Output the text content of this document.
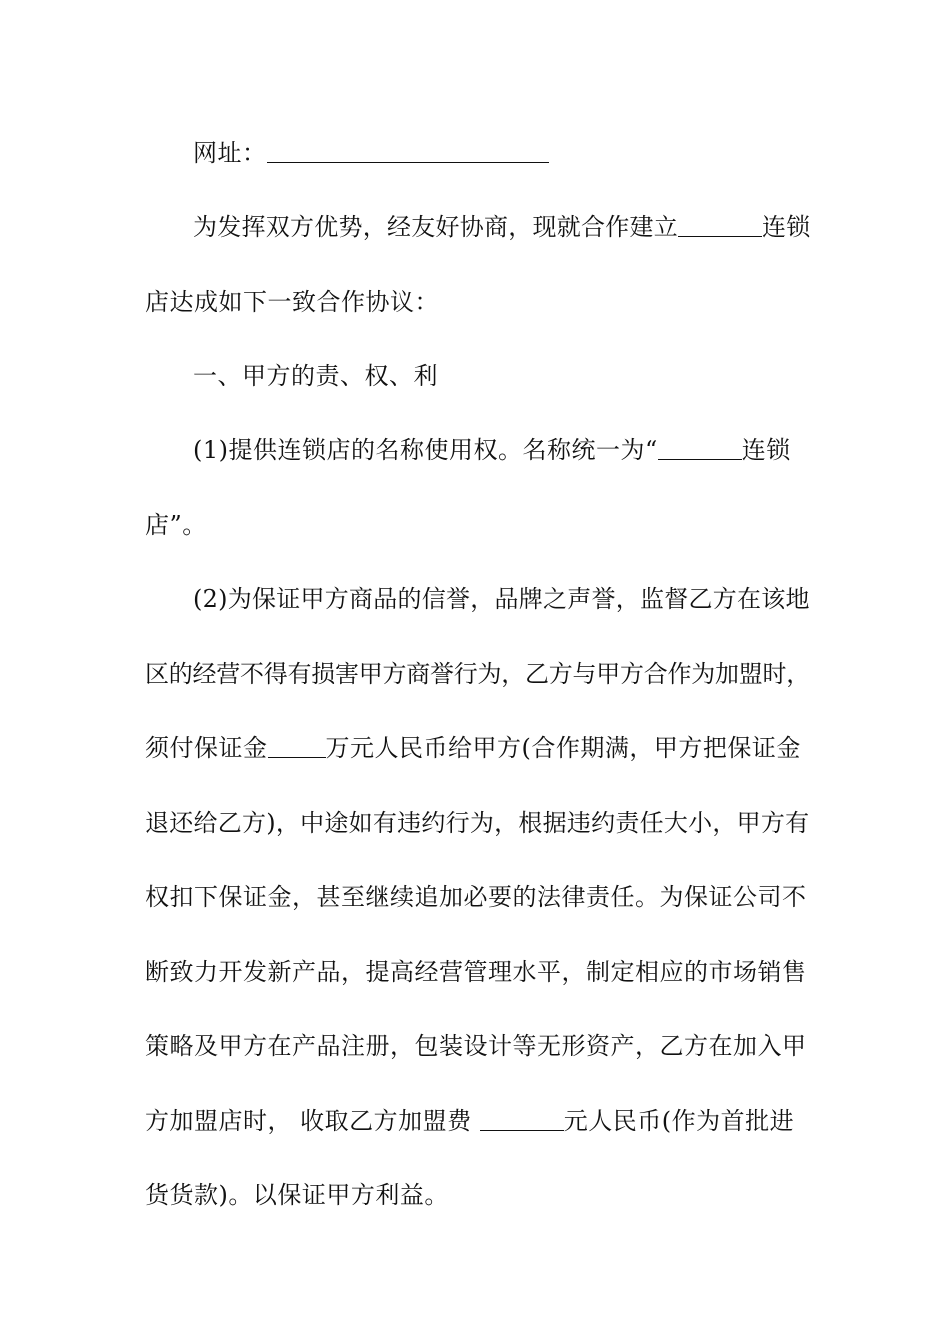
网址：
为发挥双方优势，经友好协商，现就合作建立	连锁
店达成如下一致合作协议：
一、甲方的责、权、利
(1)提供连锁店的名称使用权。名称统一为“	连锁
店”。
(2)为保证甲方商品的信誉，品牌之声誉，监督乙方在该地
区的经营不得有损害甲方商誉行为，乙方与甲方合作为加盟时，
须付保证金 万元人民币给甲方(合作期满，甲方把保证金
退还给乙方)，中途如有违约行为，根据违约责任大小，甲方有
权扣下保证金，甚至继续追加必要的法律责任。为保证公司不
断致力开发新产品，提高经营管理水平，制定相应的市场销售
策略及甲方在产品注册，包装设计等无形资产，乙方在加入甲
方加盟店时， 收取乙方加盟费	元人民币(作为首批进
货货款)。以保证甲方利益。
